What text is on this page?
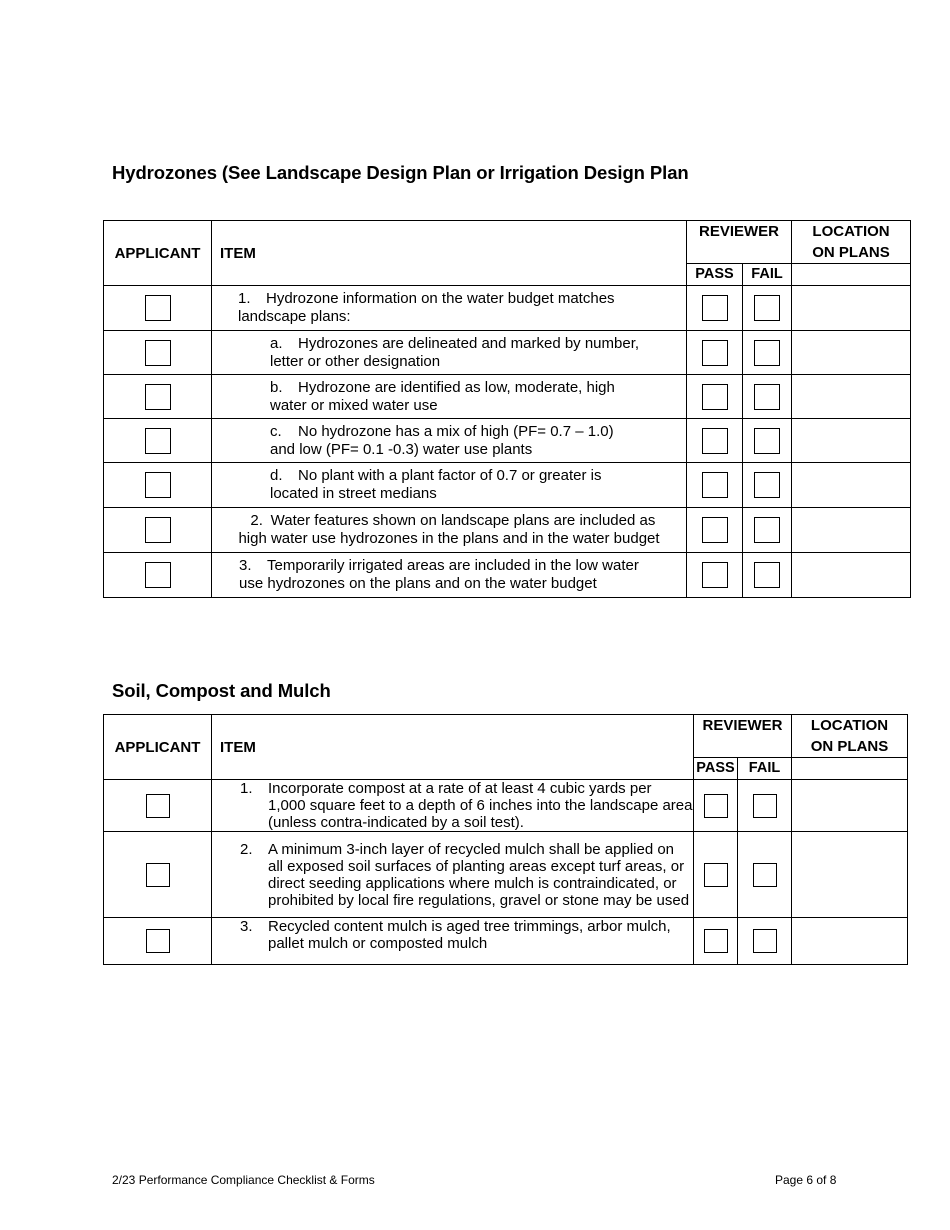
Hydrozones (See Landscape Design Plan or Irrigation Design Plan
APPLICANT	ITEM	REVIEWER		LOCATION
ON PLANS
		PASS	FAIL	

	1. Hydrozone information on the water budget matches
landscape plans:	

	a. Hydrozones are delineated and marked by number,
letter or other designation	

	b. Hydrozone are identified as low, moderate, high
water or mixed water use	

	c. No hydrozone has a mix of high (PF= 0.7 – 1.0)
and low (PF= 0.1 -0.3) water use plants	

	d. No plant with a plant factor of 0.7 or greater is
located in street medians	

	2. Water features shown on landscape plans are included as
high water use hydrozones in the plans and in the water budget	

	3. Temporarily irrigated areas are included in the low water
use hydrozones on the plans and on the water budget	

Soil, Compost and Mulch
APPLICANT	ITEM	REVIEWER		LOCATION
ON PLANS
		PASS	FAIL	

	1. Incorporate compost at a rate of at least 4 cubic yards per 1,000 square feet to a depth of 6 inches into the landscape area (unless contra-indicated by a soil test).			

	2. A minimum 3-inch layer of recycled mulch shall be applied on all exposed soil surfaces of planting areas except turf areas, or direct seeding applications where mulch is contraindicated, or prohibited by local fire regulations, gravel or stone may be used			

	3. Recycled content mulch is aged tree trimmings, arbor mulch, pallet mulch or composted mulch			

2/23 Performance Compliance Checklist & Forms	Page 6 of 8
